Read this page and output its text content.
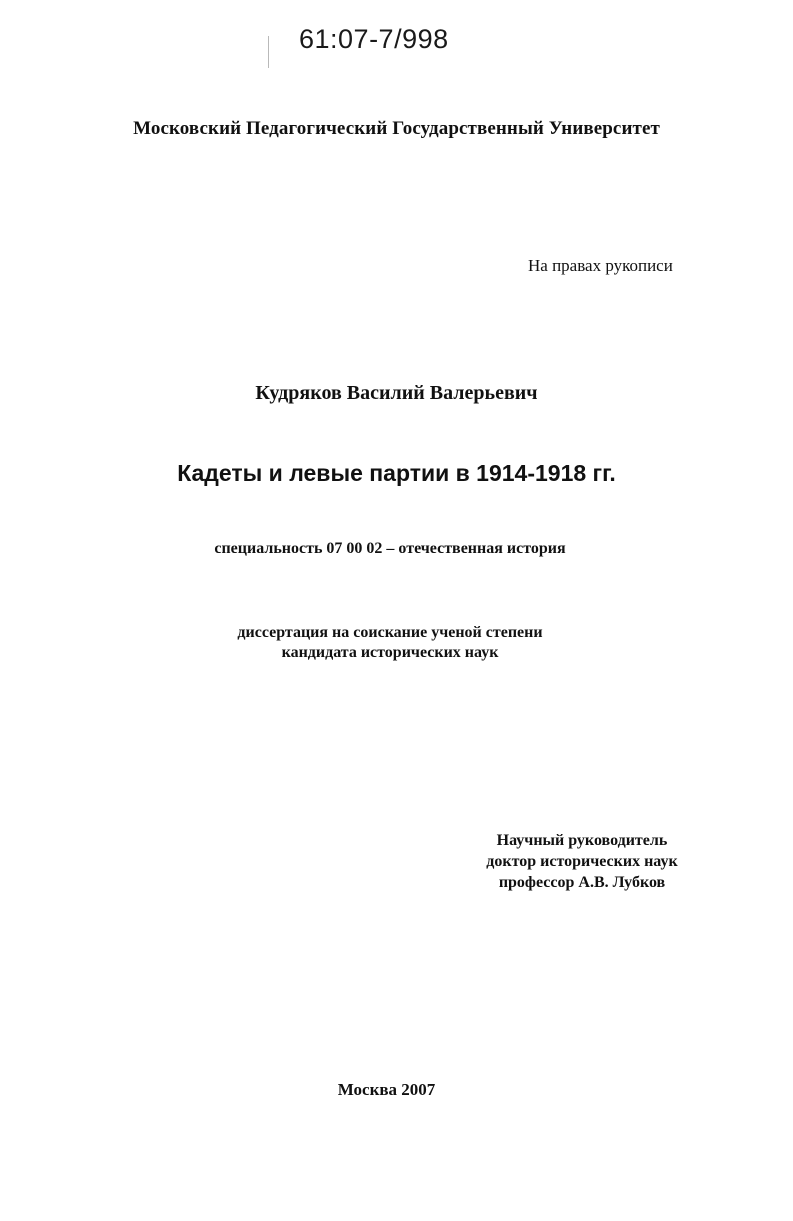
61:07-7/998
Московский Педагогический Государственный Университет
На правах рукописи
Кудряков Василий Валерьевич
Кадеты и левые партии в 1914-1918 гг.
специальность 07 00 02 – отечественная история
диссертация на соискание ученой степени
кандидата исторических наук
Научный руководитель
доктор исторических наук
профессор А.В. Лубков
Москва 2007
